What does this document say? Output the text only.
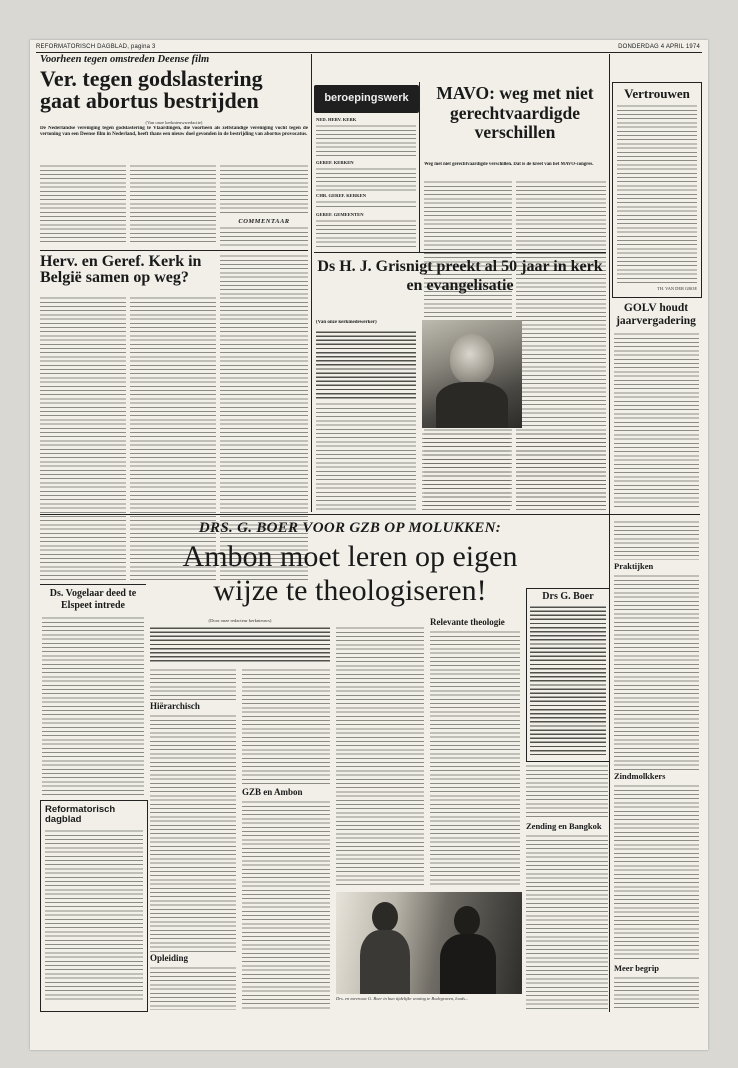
REFORMATORISCH DAGBLAD, pagina 3	DONDERDAG 4 APRIL 1974
Voorheen tegen omstreden Deense film
Ver. tegen godslastering gaat abortus bestrijden
(Van onze kerknieuwsredactie)
De Nederlandse vereniging tegen godslastering te Vlaardingen, die voorheen als zelfstandige vereniging vocht tegen de vertoning van een Deense film in Nederland, heeft thans een nieuw doel gevonden in de bestrijding van abortus provocatus.
COMMENTAAR
Herv. en Geref. Kerk in België samen op weg?
beroepingswerk
NED. HERV. KERK
GEREF. KERKEN
CHR. GEREF. KERKEN
GEREF. GEMEENTEN
MAVO: weg met niet gerechtvaardigde verschillen
Weg met niet gerechtvaardigde verschillen. Dat is de kreet van het MAVO-congres.
Vertrouwen
TH. VAN DER GROE
GOLV houdt jaarvergadering
Ds H. J. Grisnigt preekt al 50 jaar in kerk en evangelisatie
(Van onze kerkmedewerker)
Ds. Vogelaar deed te Elspeet intrede
Reformatorisch dagblad
DRS. G. BOER VOOR GZB OP MOLUKKEN:
Ambon moet leren op eigen wijze te theologiseren!
(Door onze redacteur kerknieuws)
Hiërarchisch
Opleiding
GZB en Ambon
Relevante theologie
Drs. en mevrouw G. Boer in hun tijdelijke woning te Bodegraven, loods...
Zending en Bangkok
Drs G. Boer
Praktijken
Zindmolkkers
Meer begrip
